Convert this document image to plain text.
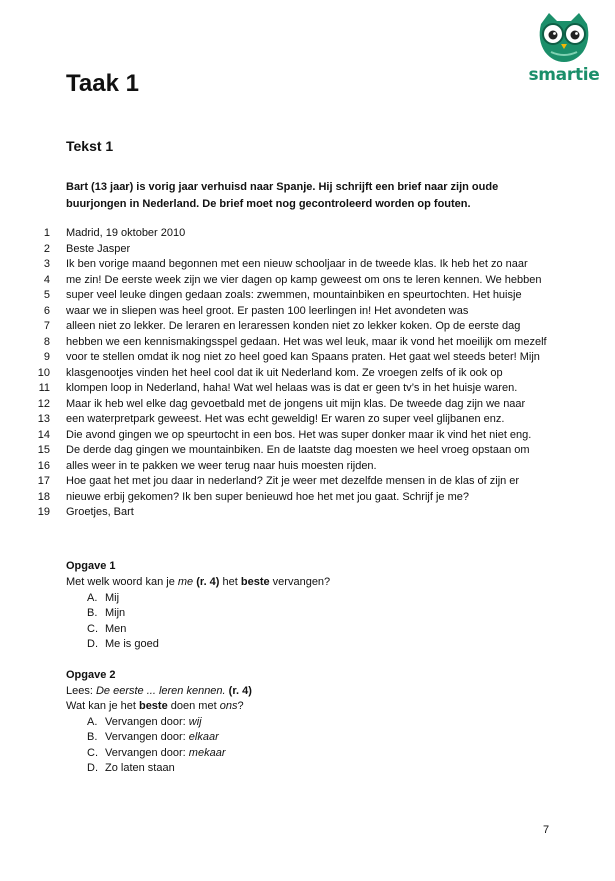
smartie
Taak 1
Tekst 1
Bart (13 jaar) is vorig jaar verhuisd naar Spanje. Hij schrijft een brief naar zijn oude buurjongen in Nederland. De brief moet nog gecontroleerd worden op fouten.
1 Madrid, 19 oktober 2010
2 Beste Jasper
3 Ik ben vorige maand begonnen met een nieuw schooljaar in de tweede klas. Ik heb het zo naar
4 me zin! De eerste week zijn we vier dagen op kamp geweest om ons te leren kennen. We hebben
5 super veel leuke dingen gedaan zoals: zwemmen, mountainbiken en speurtochten. Het huisje
6 waar we in sliepen was heel groot. Er pasten 100 leerlingen in! Het avondeten was
7 alleen niet zo lekker. De leraren en leraressen konden niet zo lekker koken. Op de eerste dag
8 hebben we een kennismakingsspel gedaan. Het was wel leuk, maar ik vond het moeilijk om mezelf
9 voor te stellen omdat ik nog niet zo heel goed kan Spaans praten. Het gaat wel steeds beter! Mijn
10 klasgenootjes vinden het heel cool dat ik uit Nederland kom. Ze vroegen zelfs of ik ook op
11 klompen loop in Nederland, haha! Wat wel helaas was is dat er geen tv’s in het huisje waren.
12 Maar ik heb wel elke dag gevoetbald met de jongens uit mijn klas. De tweede dag zijn we naar
13 een waterpretpark geweest. Het was echt geweldig! Er waren zo super veel glijbanen enz.
14 Die avond gingen we op speurtocht in een bos. Het was super donker maar ik vind het niet eng.
15 De derde dag gingen we mountainbiken. En de laatste dag moesten we heel vroeg opstaan om
16 alles weer in te pakken we weer terug naar huis moesten rijden.
17 Hoe gaat het met jou daar in nederland? Zit je weer met dezelfde mensen in de klas of zijn er
18 nieuwe erbij gekomen? Ik ben super benieuwd hoe het met jou gaat. Schrijf je me?
19 Groetjes, Bart
Opgave 1
Met welk woord kan je me (r. 4) het beste vervangen?
A. Mij
B. Mijn
C. Men
D. Me is goed
Opgave 2
Lees: De eerste ... leren kennen. (r. 4)
Wat kan je het beste doen met ons?
A. Vervangen door: wij
B. Vervangen door: elkaar
C. Vervangen door: mekaar
D. Zo laten staan
7
